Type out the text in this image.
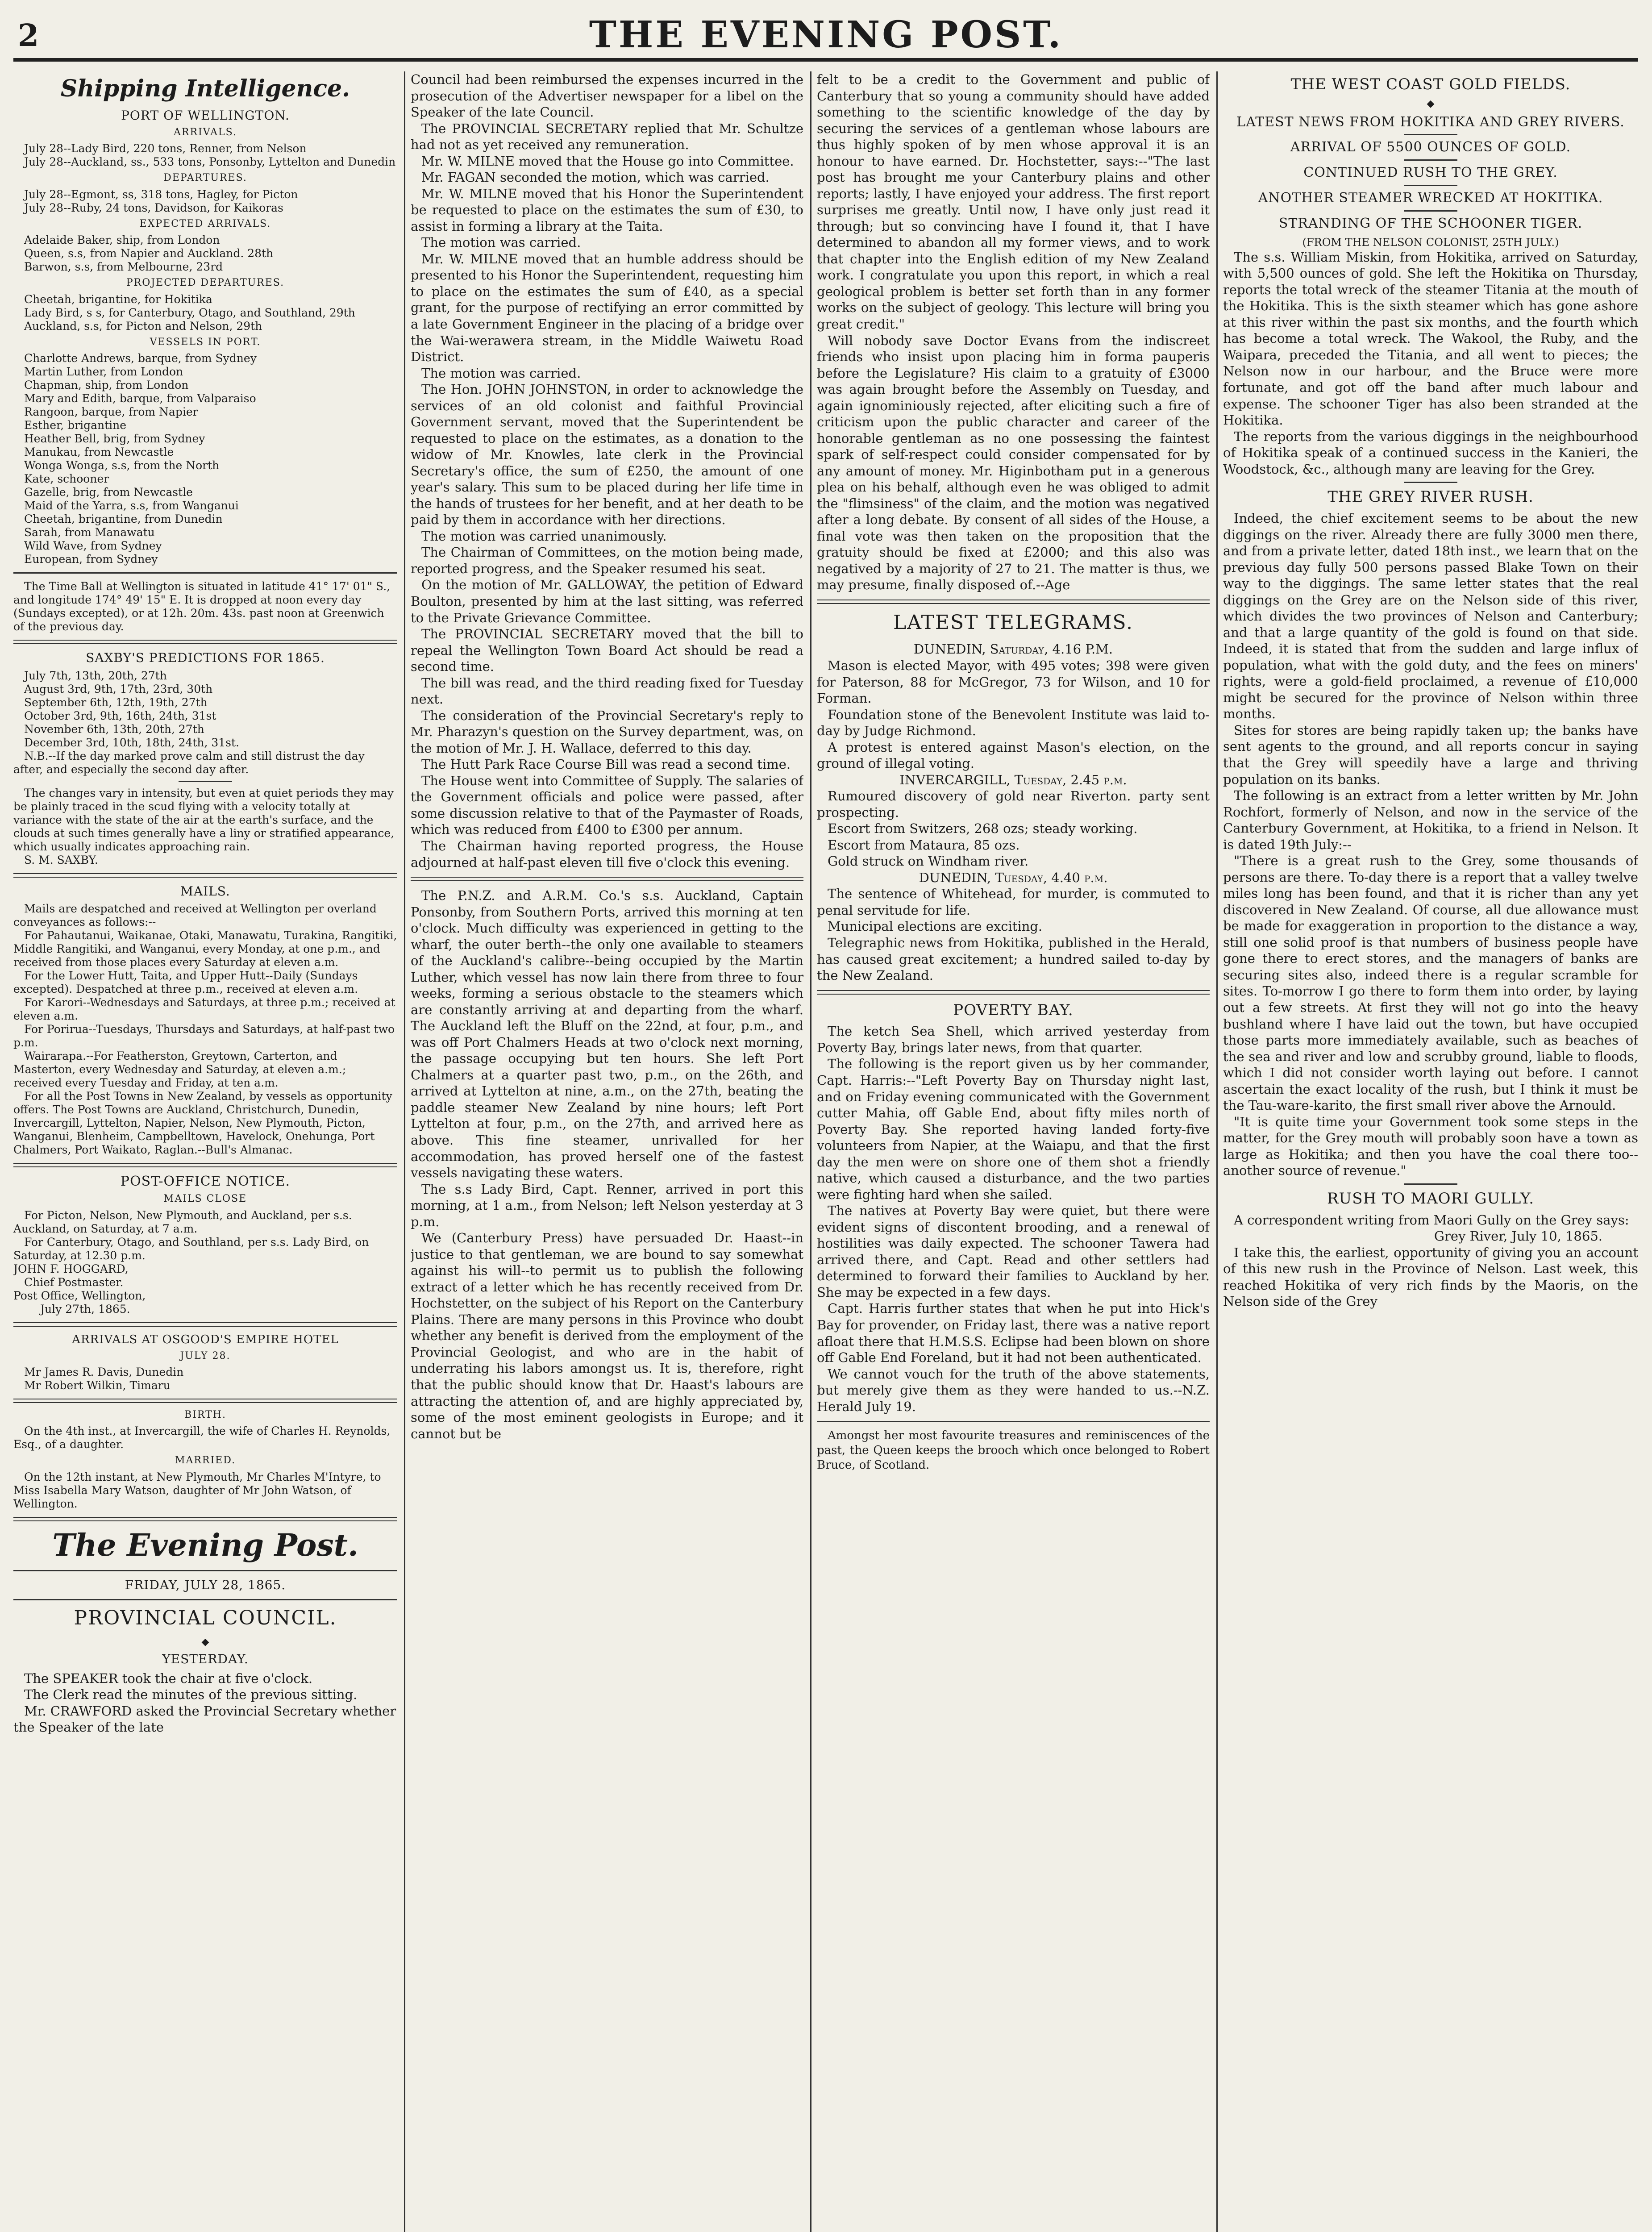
2	THE EVENING POST.
Shipping Intelligence.
PORT OF WELLINGTON.
ARRIVALS.

July 28--Lady Bird, 220 tons, Renner, from Nelson

July 28--Auckland, ss., 533 tons, Ponsonby, Lyttelton and Dunedin

DEPARTURES.

July 28--Egmont, ss, 318 tons, Hagley, for Picton

July 28--Ruby, 24 tons, Davidson, for Kaikoras

EXPECTED ARRIVALS.

Adelaide Baker, ship, from London

Queen, s.s, from Napier and Auckland. 28th

Barwon, s.s, from Melbourne, 23rd

PROJECTED DEPARTURES.

Cheetah, brigantine, for Hokitika

Lady Bird, s s, for Canterbury, Otago, and Southland, 29th

Auckland, s.s, for Picton and Nelson, 29th

VESSELS IN PORT.

Charlotte Andrews, barque, from Sydney

Martin Luther, from London

Chapman, ship, from London

Mary and Edith, barque, from Valparaiso

Rangoon, barque, from Napier

Esther, brigantine

Heather Bell, brig, from Sydney

Manukau, from Newcastle

Wonga Wonga, s.s, from the North

Kate, schooner

Gazelle, brig, from Newcastle

Maid of the Yarra, s.s, from Wanganui

Cheetah, brigantine, from Dunedin

Sarah, from Manawatu

Wild Wave, from Sydney

European, from Sydney

The Time Ball at Wellington is situated in latitude 41° 17' 01" S., and longitude 174° 49' 15" E. It is dropped at noon every day (Sundays excepted), or at 12h. 20m. 43s. past noon at Greenwich of the previous day.

SAXBY'S PREDICTIONS FOR 1865.

July 7th, 13th, 20th, 27th

August 3rd, 9th, 17th, 23rd, 30th

September 6th, 12th, 19th, 27th

October 3rd, 9th, 16th, 24th, 31st

November 6th, 13th, 20th, 27th

December 3rd, 10th, 18th, 24th, 31st.

N.B.--If the day marked prove calm and still distrust the day after, and especially the second day after.

The changes vary in intensity, but even at quiet periods they may be plainly traced in the scud flying with a velocity totally at variance with the state of the air at the earth's surface, and the clouds at such times generally have a liny or stratified appearance, which usually indicates approaching rain.

S. M. SAXBY.

MAILS.

Mails are despatched and received at Wellington per overland conveyances as follows:--

For Pahautanui, Waikanae, Otaki, Manawatu, Turakina, Rangitiki, Middle Rangitiki, and Wanganui, every Monday, at one p.m., and received from those places every Saturday at eleven a.m.

For the Lower Hutt, Taita, and Upper Hutt--Daily (Sundays excepted). Despatched at three p.m., received at eleven a.m.

For Karori--Wednesdays and Saturdays, at three p.m.; received at eleven a.m.

For Porirua--Tuesdays, Thursdays and Saturdays, at half-past two p.m.

Wairarapa.--For Featherston, Greytown, Carterton, and Masterton, every Wednesday and Saturday, at eleven a.m.; received every Tuesday and Friday, at ten a.m.

For all the Post Towns in New Zealand, by vessels as opportunity offers. The Post Towns are Auckland, Christchurch, Dunedin, Invercargill, Lyttelton, Napier, Nelson, New Plymouth, Picton, Wanganui, Blenheim, Campbelltown, Havelock, Onehunga, Port Chalmers, Port Waikato, Raglan.--Bull's Almanac.

POST-OFFICE NOTICE.
MAILS CLOSE

For Picton, Nelson, New Plymouth, and Auckland, per s.s. Auckland, on Saturday, at 7 a.m.

For Canterbury, Otago, and Southland, per s.s. Lady Bird, on Saturday, at 12.30 p.m.

JOHN F. HOGGARD,

Chief Postmaster.

Post Office, Wellington,

July 27th, 1865.

ARRIVALS AT OSGOOD'S EMPIRE HOTEL
JULY 28.

Mr James R. Davis, Dunedin

Mr Robert Wilkin, Timaru

BIRTH.

On the 4th inst., at Invercargill, the wife of Charles H. Reynolds, Esq., of a daughter.

MARRIED.

On the 12th instant, at New Plymouth, Mr Charles M'Intyre, to Miss Isabella Mary Watson, daughter of Mr John Watson, of Wellington.

The Evening Post.
FRIDAY, JULY 28, 1865.
PROVINCIAL COUNCIL.
◆
YESTERDAY.

The SPEAKER took the chair at five o'clock.

The Clerk read the minutes of the previous sitting.

Mr. CRAWFORD asked the Provincial Secretary whether the Speaker of the late

Council had been reimbursed the expenses incurred in the prosecution of the Advertiser newspaper for a libel on the Speaker of the late Council.

The PROVINCIAL SECRETARY replied that Mr. Schultze had not as yet received any remuneration.

Mr. W. MILNE moved that the House go into Committee.

Mr. FAGAN seconded the motion, which was carried.

Mr. W. MILNE moved that his Honor the Superintendent be requested to place on the estimates the sum of £30, to assist in forming a library at the Taita.

The motion was carried.

Mr. W. MILNE moved that an humble address should be presented to his Honor the Superintendent, requesting him to place on the estimates the sum of £40, as a special grant, for the purpose of rectifying an error committed by a late Government Engineer in the placing of a bridge over the Wai-werawera stream, in the Middle Waiwetu Road District.

The motion was carried.

The Hon. JOHN JOHNSTON, in order to acknowledge the services of an old colonist and faithful Provincial Government servant, moved that the Superintendent be requested to place on the estimates, as a donation to the widow of Mr. Knowles, late clerk in the Provincial Secretary's office, the sum of £250, the amount of one year's salary. This sum to be placed during her life time in the hands of trustees for her benefit, and at her death to be paid by them in accordance with her directions.

The motion was carried unanimously.

The Chairman of Committees, on the motion being made, reported progress, and the Speaker resumed his seat.

On the motion of Mr. GALLOWAY, the petition of Edward Boulton, presented by him at the last sitting, was referred to the Private Grievance Committee.

The PROVINCIAL SECRETARY moved that the bill to repeal the Wellington Town Board Act should be read a second time.

The bill was read, and the third reading fixed for Tuesday next.

The consideration of the Provincial Secretary's reply to Mr. Pharazyn's question on the Survey department, was, on the motion of Mr. J. H. Wallace, deferred to this day.

The Hutt Park Race Course Bill was read a second time.

The House went into Committee of Supply. The salaries of the Government officials and police were passed, after some discussion relative to that of the Paymaster of Roads, which was reduced from £400 to £300 per annum.

The Chairman having reported progress, the House adjourned at half-past eleven till five o'clock this evening.

The P.N.Z. and A.R.M. Co.'s s.s. Auckland, Captain Ponsonby, from Southern Ports, arrived this morning at ten o'clock. Much difficulty was experienced in getting to the wharf, the outer berth--the only one available to steamers of the Auckland's calibre--being occupied by the Martin Luther, which vessel has now lain there from three to four weeks, forming a serious obstacle to the steamers which are constantly arriving at and departing from the wharf. The Auckland left the Bluff on the 22nd, at four, p.m., and was off Port Chalmers Heads at two o'clock next morning, the passage occupying but ten hours. She left Port Chalmers at a quarter past two, p.m., on the 26th, and arrived at Lyttelton at nine, a.m., on the 27th, beating the paddle steamer New Zealand by nine hours; left Port Lyttelton at four, p.m., on the 27th, and arrived here as above. This fine steamer, unrivalled for her accommodation, has proved herself one of the fastest vessels navigating these waters.

The s.s Lady Bird, Capt. Renner, arrived in port this morning, at 1 a.m., from Nelson; left Nelson yesterday at 3 p.m.

We (Canterbury Press) have persuaded Dr. Haast--in justice to that gentleman, we are bound to say somewhat against his will--to permit us to publish the following extract of a letter which he has recently received from Dr. Hochstetter, on the subject of his Report on the Canterbury Plains. There are many persons in this Province who doubt whether any benefit is derived from the employment of the Provincial Geologist, and who are in the habit of underrating his labors amongst us. It is, therefore, right that the public should know that Dr. Haast's labours are attracting the attention of, and are highly appreciated by, some of the most eminent geologists in Europe; and it cannot but be

felt to be a credit to the Government and public of Canterbury that so young a community should have added something to the scientific knowledge of the day by securing the services of a gentleman whose labours are thus highly spoken of by men whose approval it is an honour to have earned. Dr. Hochstetter, says:--"The last post has brought me your Canterbury plains and other reports; lastly, I have enjoyed your address. The first report surprises me greatly. Until now, I have only just read it through; but so convincing have I found it, that I have determined to abandon all my former views, and to work that chapter into the English edition of my New Zealand work. I congratulate you upon this report, in which a real geological problem is better set forth than in any former works on the subject of geology. This lecture will bring you great credit."

Will nobody save Doctor Evans from the indiscreet friends who insist upon placing him in forma pauperis before the Legislature? His claim to a gratuity of £3000 was again brought before the Assembly on Tuesday, and again ignominiously rejected, after eliciting such a fire of criticism upon the public character and career of the honorable gentleman as no one possessing the faintest spark of self-respect could consider compensated for by any amount of money. Mr. Higinbotham put in a generous plea on his behalf, although even he was obliged to admit the "flimsiness" of the claim, and the motion was negatived after a long debate. By consent of all sides of the House, a final vote was then taken on the proposition that the gratuity should be fixed at £2000; and this also was negatived by a majority of 27 to 21. The matter is thus, we may presume, finally disposed of.--Age

LATEST TELEGRAMS.

DUNEDIN, Saturday, 4.16 P.M.

Mason is elected Mayor, with 495 votes; 398 were given for Paterson, 88 for McGregor, 73 for Wilson, and 10 for Forman.

Foundation stone of the Benevolent Institute was laid to-day by Judge Richmond.

A protest is entered against Mason's election, on the ground of illegal voting.

INVERCARGILL, Tuesday, 2.45 p.m.

Rumoured discovery of gold near Riverton. party sent prospecting.

Escort from Switzers, 268 ozs; steady working.

Escort from Mataura, 85 ozs.

Gold struck on Windham river.

DUNEDIN, Tuesday, 4.40 p.m.

The sentence of Whitehead, for murder, is commuted to penal servitude for life.

Municipal elections are exciting.

Telegraphic news from Hokitika, published in the Herald, has caused great excitement; a hundred sailed to-day by the New Zealand.

POVERTY BAY.

The ketch Sea Shell, which arrived yesterday from Poverty Bay, brings later news, from that quarter.

The following is the report given us by her commander, Capt. Harris:--"Left Poverty Bay on Thursday night last, and on Friday evening communicated with the Government cutter Mahia, off Gable End, about fifty miles north of Poverty Bay. She reported having landed forty-five volunteers from Napier, at the Waiapu, and that the first day the men were on shore one of them shot a friendly native, which caused a disturbance, and the two parties were fighting hard when she sailed.

The natives at Poverty Bay were quiet, but there were evident signs of discontent brooding, and a renewal of hostilities was daily expected. The schooner Tawera had arrived there, and Capt. Read and other settlers had determined to forward their families to Auckland by her. She may be expected in a few days.

Capt. Harris further states that when he put into Hick's Bay for provender, on Friday last, there was a native report afloat there that H.M.S.S. Eclipse had been blown on shore off Gable End Foreland, but it had not been authenticated.

We cannot vouch for the truth of the above statements, but merely give them as they were handed to us.--N.Z. Herald July 19.

Amongst her most favourite treasures and reminiscences of the past, the Queen keeps the brooch which once belonged to Robert Bruce, of Scotland.

THE WEST COAST GOLD FIELDS.
◆
LATEST NEWS FROM HOKITIKA AND GREY RIVERS.
ARRIVAL OF 5500 OUNCES OF GOLD.
CONTINUED RUSH TO THE GREY.
ANOTHER STEAMER WRECKED AT HOKITIKA.
STRANDING OF THE SCHOONER TIGER.

(FROM THE NELSON COLONIST, 25TH JULY.)

The s.s. William Miskin, from Hokitika, arrived on Saturday, with 5,500 ounces of gold. She left the Hokitika on Thursday, reports the total wreck of the steamer Titania at the mouth of the Hokitika. This is the sixth steamer which has gone ashore at this river within the past six months, and the fourth which has become a total wreck. The Wakool, the Ruby, and the Waipara, preceded the Titania, and all went to pieces; the Nelson now in our harbour, and the Bruce were more fortunate, and got off the band after much labour and expense. The schooner Tiger has also been stranded at the Hokitika.

The reports from the various diggings in the neighbourhood of Hokitika speak of a continued success in the Kanieri, the Woodstock, &c., although many are leaving for the Grey.

THE GREY RIVER RUSH.

Indeed, the chief excitement seems to be about the new diggings on the river. Already there are fully 3000 men there, and from a private letter, dated 18th inst., we learn that on the previous day fully 500 persons passed Blake Town on their way to the diggings. The same letter states that the real diggings on the Grey are on the Nelson side of this river, which divides the two provinces of Nelson and Canterbury; and that a large quantity of the gold is found on that side. Indeed, it is stated that from the sudden and large influx of population, what with the gold duty, and the fees on miners' rights, were a gold-field proclaimed, a revenue of £10,000 might be secured for the province of Nelson within three months.

Sites for stores are being rapidly taken up; the banks have sent agents to the ground, and all reports concur in saying that the Grey will speedily have a large and thriving population on its banks.

The following is an extract from a letter written by Mr. John Rochfort, formerly of Nelson, and now in the service of the Canterbury Government, at Hokitika, to a friend in Nelson. It is dated 19th July:--

"There is a great rush to the Grey, some thousands of persons are there. To-day there is a report that a valley twelve miles long has been found, and that it is richer than any yet discovered in New Zealand. Of course, all due allowance must be made for exaggeration in proportion to the distance a way, still one solid proof is that numbers of business people have gone there to erect stores, and the managers of banks are securing sites also, indeed there is a regular scramble for sites. To-morrow I go there to form them into order, by laying out a few streets. At first they will not go into the heavy bushland where I have laid out the town, but have occupied those parts more immediately available, such as beaches of the sea and river and low and scrubby ground, liable to floods, which I did not consider worth laying out before. I cannot ascertain the exact locality of the rush, but I think it must be the Tau-ware-karito, the first small river above the Arnould.

"It is quite time your Government took some steps in the matter, for the Grey mouth will probably soon have a town as large as Hokitika; and then you have the coal there too--another source of revenue."

RUSH TO MAORI GULLY.

A correspondent writing from Maori Gully on the Grey says:

Grey River, July 10, 1865.

I take this, the earliest, opportunity of giving you an account of this new rush in the Province of Nelson. Last week, this reached Hokitika of very rich finds by the Maoris, on the Nelson side of the Grey
